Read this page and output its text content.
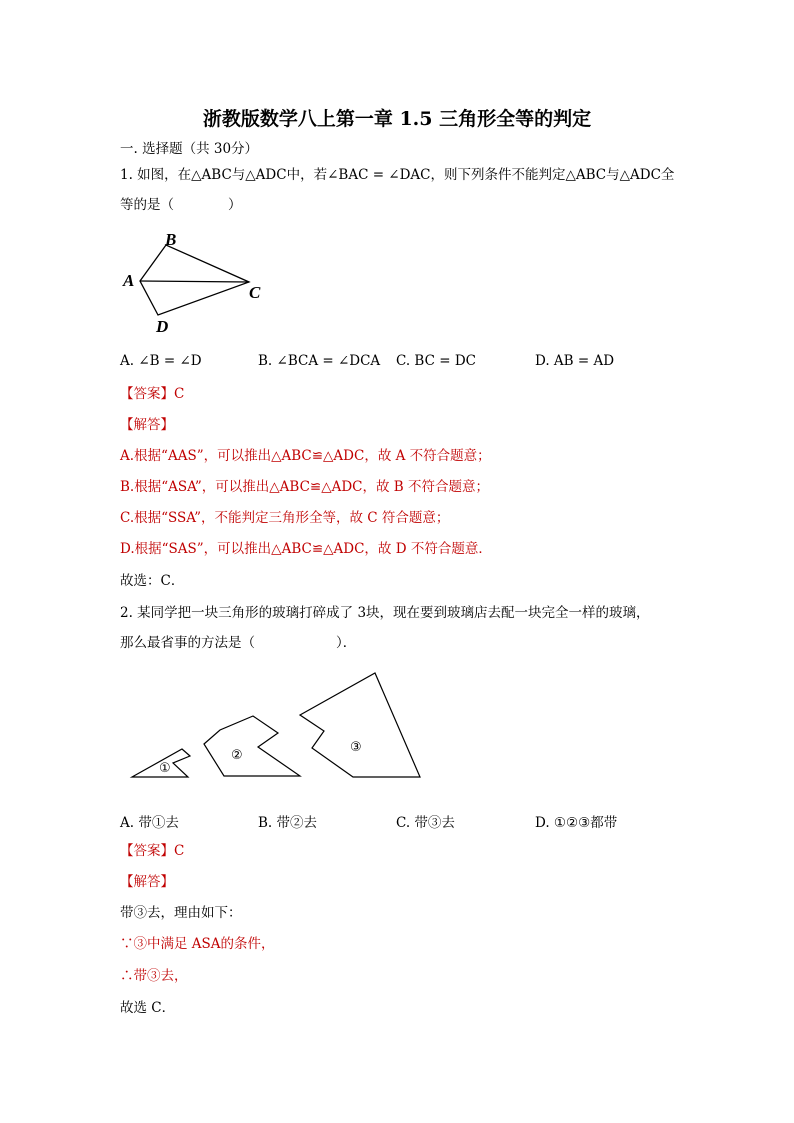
浙教版数学八上第一章 1.5 三角形全等的判定
一. 选择题（共 30分）
1. 如图，在△ABC与△ADC中，若∠BAC = ∠DAC，则下列条件不能判定△ABC与△ADC全
等的是（　　　　）
B
A
C
D
A. ∠B = ∠D	B. ∠BCA = ∠DCA C. BC = DC	D. AB = AD
【答案】C
【解答】
A.根据“AAS”，可以推出△ABC≌△ADC，故 A 不符合题意；
B.根据“ASA”，可以推出△ABC≌△ADC，故 B 不符合题意；
C.根据“SSA”，不能判定三角形全等，故 C 符合题意；
D.根据“SAS”，可以推出△ABC≌△ADC，故 D 不符合题意．
故选：C．
2. 某同学把一块三角形的玻璃打碎成了 3块，现在要到玻璃店去配一块完全一样的玻璃，
那么最省事的方法是（　　　　　　）．
①
②
③
A. 带①去	B. 带②去	C. 带③去	D. ①②③都带
【答案】C
【解答】
带③去，理由如下：
∵③中满足 ASA的条件，
∴带③去，
故选 C．
